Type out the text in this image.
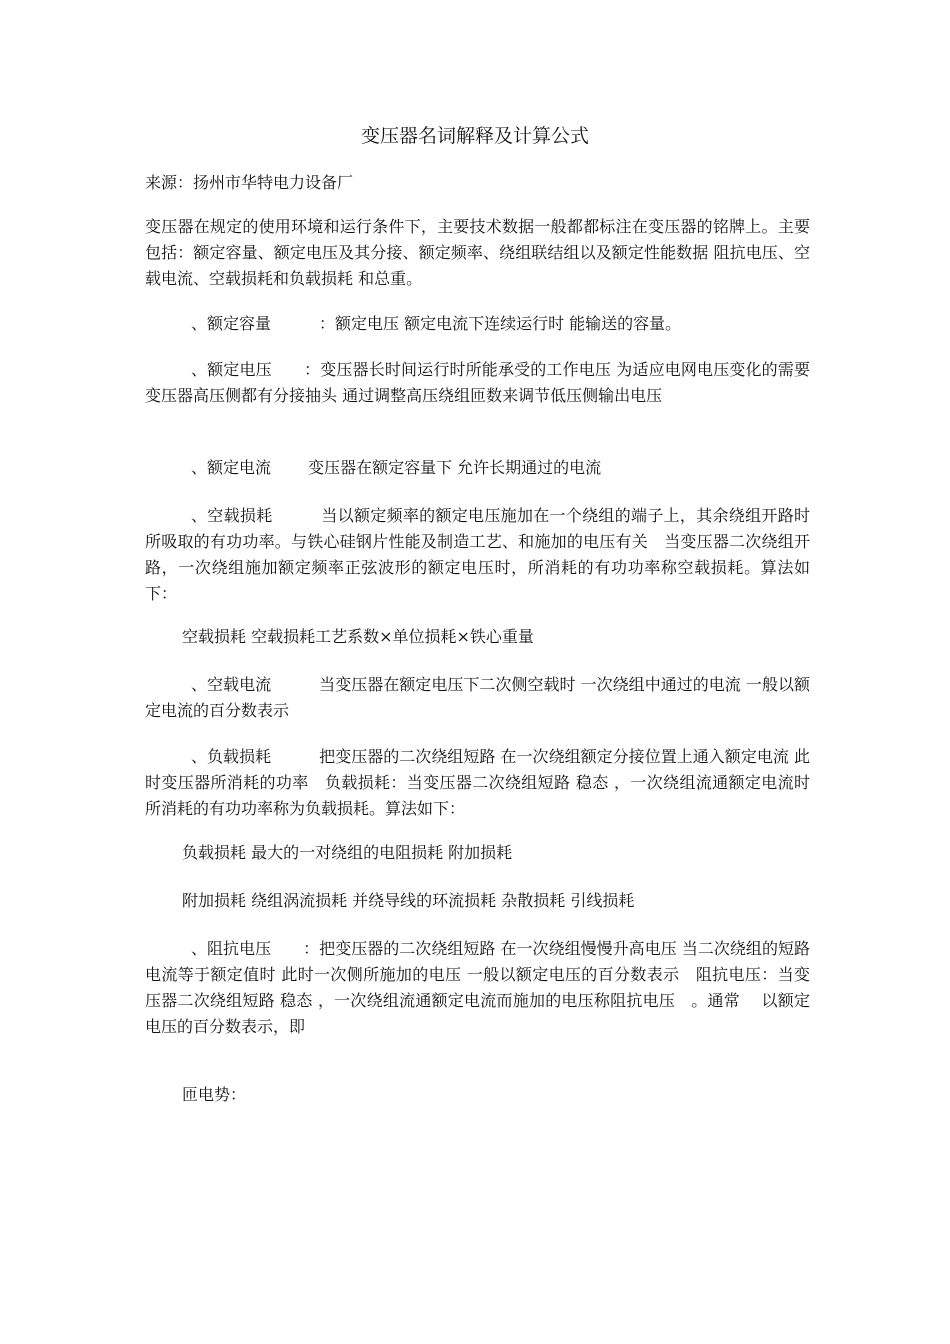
变压器名词解释及计算公式

来源：扬州市华特电力设备厂

变压器在规定的使用环境和运行条件下，主要技术数据一般都都标注在变压器的铭牌上。主要包括：额定容量、额定电压及其分接、额定频率、绕组联结组以及额定性能数据 阻抗电压、空载电流、空载损耗和负载损耗 和总重。

、额定容量　　　：额定电压 额定电流下连续运行时 能输送的容量。

、额定电压　　：变压器长时间运行时所能承受的工作电压 为适应电网电压变化的需要 变压器高压侧都有分接抽头 通过调整高压绕组匝数来调节低压侧输出电压

、额定电流　　 变压器在额定容量下 允许长期通过的电流

、空载损耗　　　当以额定频率的额定电压施加在一个绕组的端子上，其余绕组开路时所吸取的有功功率。与铁心硅钢片性能及制造工艺、和施加的电压有关　当变压器二次绕组开路，一次绕组施加额定频率正弦波形的额定电压时，所消耗的有功功率称空载损耗。算法如下：

空载损耗 空载损耗工艺系数×单位损耗×铁心重量

、空载电流　　　当变压器在额定电压下二次侧空载时 一次绕组中通过的电流 一般以额定电流的百分数表示

、负载损耗　　　把变压器的二次绕组短路 在一次绕组额定分接位置上通入额定电流 此时变压器所消耗的功率　负载损耗：当变压器二次绕组短路 稳态 ，一次绕组流通额定电流时所消耗的有功功率称为负载损耗。算法如下：

负载损耗 最大的一对绕组的电阻损耗 附加损耗

附加损耗 绕组涡流损耗 并绕导线的环流损耗 杂散损耗 引线损耗

、阻抗电压　　：把变压器的二次绕组短路 在一次绕组慢慢升高电压 当二次绕组的短路电流等于额定值时 此时一次侧所施加的电压 一般以额定电压的百分数表示　阻抗电压：当变压器二次绕组短路 稳态 ，一次绕组流通额定电流而施加的电压称阻抗电压　。通常　 以额定电压的百分数表示，即

匝电势：
